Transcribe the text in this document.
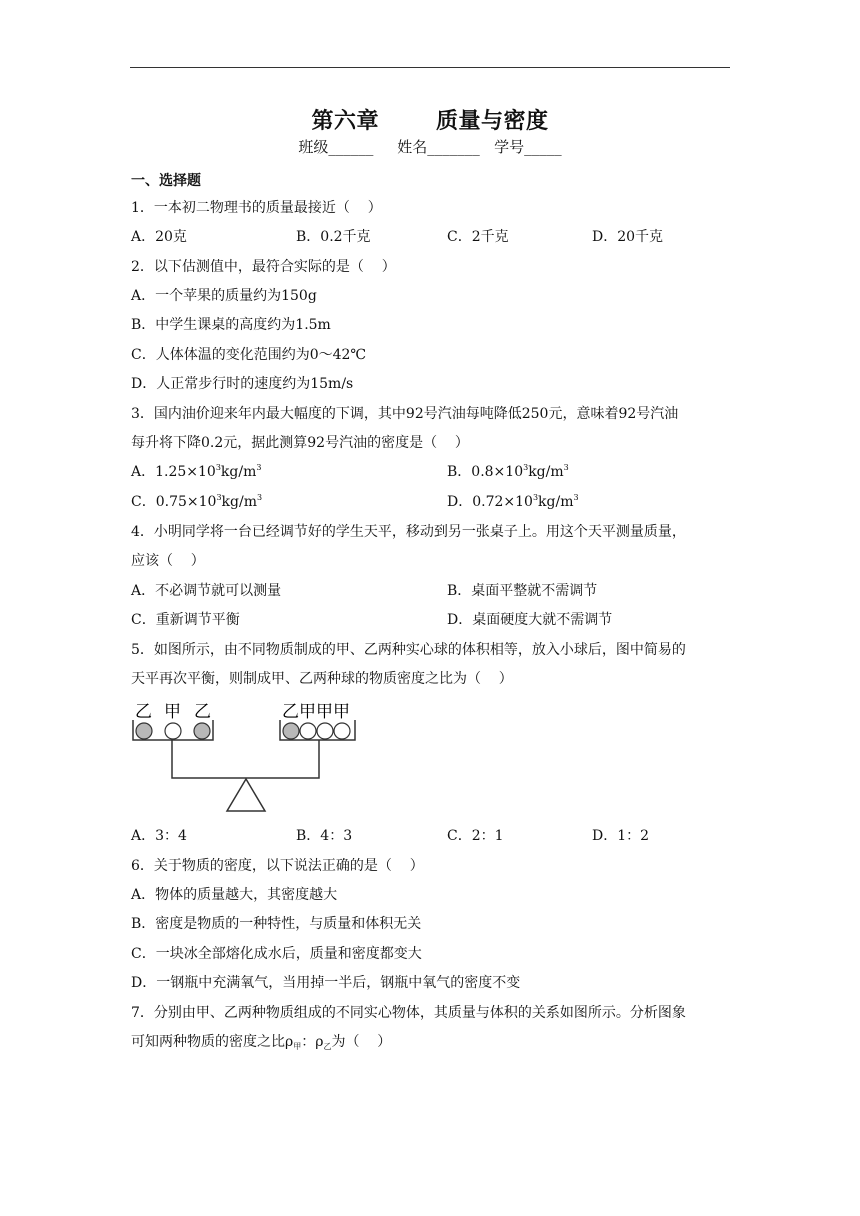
第六章       质量与密度
班级______     姓名_______   学号_____
一、选择题
1．一本初二物理书的质量最接近（    ）
A．20克	B．0.2千克	C．2千克	D．20千克
2．以下估测值中，最符合实际的是（    ）
A．一个苹果的质量约为150g
B．中学生课桌的高度约为1.5m
C．人体体温的变化范围约为0～42℃
D．人正常步行时的速度约为15m/s
3．国内油价迎来年内最大幅度的下调，其中92号汽油每吨降低250元，意味着92号汽油
每升将下降0.2元，据此测算92号汽油的密度是（    ）
A．$1.25\times 10^3kg/m^3$	B．$0.8\times 10^3kg/m^3$
C．$0.75\times 10^3kg/m^3$	D．$0.72\times 10^3kg/m^3$
4．小明同学将一台已经调节好的学生天平，移动到另一张桌子上。用这个天平测量质量，
应该（    ）
A．不必调节就可以测量	B．桌面平整就不需调节
C．重新调节平衡	D．桌面硬度大就不需调节
5．如图所示，由不同物质制成的甲、乙两种实心球的体积相等，放入小球后，图中简易的
天平再次平衡，则制成甲、乙两种球的物质密度之比为（    ）
乙 甲 乙	乙甲甲甲
A．3：4	B．4：3	C．2：1	D．1：2
6．关于物质的密度，以下说法正确的是（    ）
A．物体的质量越大，其密度越大
B．密度是物质的一种特性，与质量和体积无关
C．一块冰全部熔化成水后，质量和密度都变大
D．一钢瓶中充满氧气，当用掉一半后，钢瓶中氧气的密度不变
7．分别由甲、乙两种物质组成的不同实心物体，其质量与体积的关系如图所示。分析图象
可知两种物质的密度之比$\rho_甲$：$\rho_乙$为（    ）
